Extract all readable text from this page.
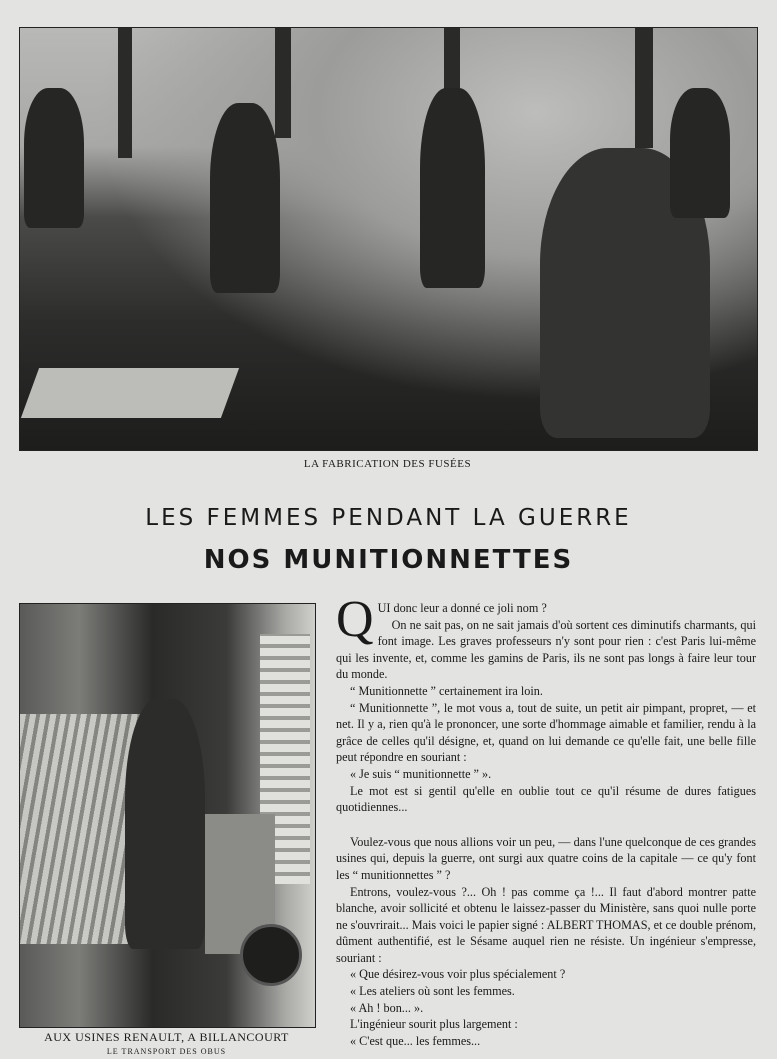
LA FABRICATION DES FUSÉES
LES FEMMES PENDANT LA GUERRE
NOS MUNITIONNETTES
AUX USINES RENAULT, A BILLANCOURT
LE TRANSPORT DES OBUS
Q UI donc leur a donné ce joli nom ?

On ne sait pas, on ne sait jamais d'où sortent ces diminutifs charmants, qui font image. Les graves professeurs n'y sont pour rien : c'est Paris lui-même qui les invente, et, comme les gamins de Paris, ils ne sont pas longs à faire leur tour du monde.

“ Munitionnette ” certainement ira loin.

“ Munitionnette ”, le mot vous a, tout de suite, un petit air pimpant, propret, — et net. Il y a, rien qu'à le prononcer, une sorte d'hommage aimable et familier, rendu à la grâce de celles qu'il désigne, et, quand on lui demande ce qu'elle fait, une belle fille peut répondre en souriant :

« Je suis “ munitionnette ” ».

Le mot est si gentil qu'elle en oublie tout ce qu'il résume de dures fatigues quotidiennes...

Voulez-vous que nous allions voir un peu, — dans l'une quelconque de ces grandes usines qui, depuis la guerre, ont surgi aux quatre coins de la capitale — ce qu'y font les “ munitionnettes ” ?

Entrons, voulez-vous ?... Oh ! pas comme ça !... Il faut d'abord montrer patte blanche, avoir sollicité et obtenu le laissez-passer du Ministère, sans quoi nulle porte ne s'ouvrirait... Mais voici le papier signé : ALBERT THOMAS, et ce double prénom, dûment authentifié, est le Sésame auquel rien ne résiste. Un ingénieur s'empresse, souriant :

« Que désirez-vous voir plus spécialement ?

« Les ateliers où sont les femmes.

« Ah ! bon... ».

L'ingénieur sourit plus largement :

« C'est que... les femmes...
